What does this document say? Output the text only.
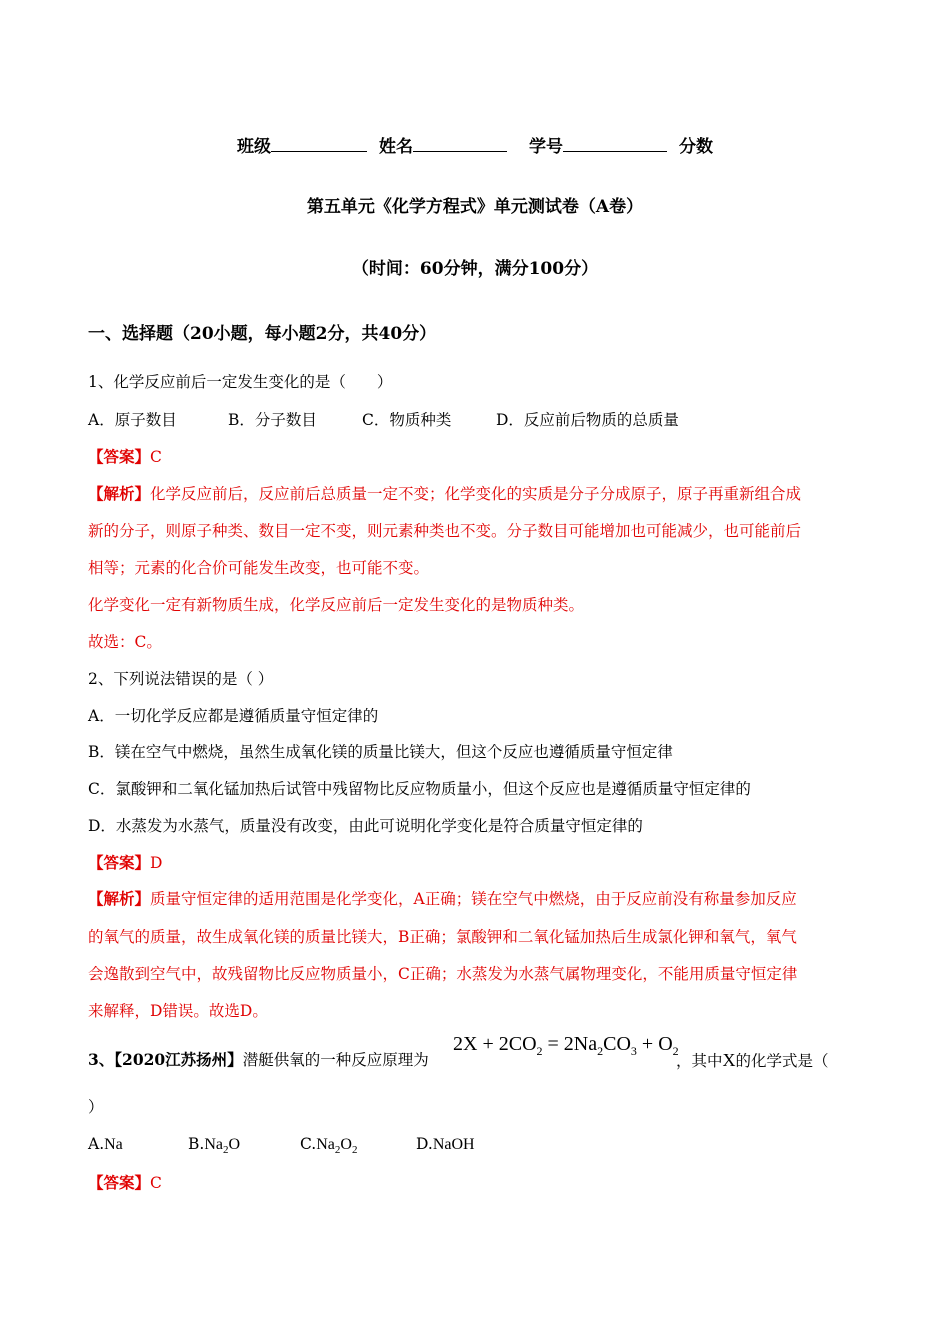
班级	姓名	学号	分数
第五单元《化学方程式》单元测试卷（A卷）
（时间：60分钟，满分100分）
一、选择题（20小题，每小题2分，共40分）
1、化学反应前后一定发生变化的是（　　）
A．原子数目	B．分子数目	C．物质种类	D．反应前后物质的总质量
【答案】C
【解析】化学反应前后，反应前后总质量一定不变；化学变化的实质是分子分成原子，原子再重新组合成
新的分子，则原子种类、数目一定不变，则元素种类也不变。分子数目可能增加也可能减少，也可能前后
相等；元素的化合价可能发生改变，也可能不变。
化学变化一定有新物质生成，化学反应前后一定发生变化的是物质种类。
故选：C。
2、下列说法错误的是（ ）
A．一切化学反应都是遵循质量守恒定律的
B．镁在空气中燃烧，虽然生成氧化镁的质量比镁大，但这个反应也遵循质量守恒定律
C．氯酸钾和二氧化锰加热后试管中残留物比反应物质量小，但这个反应也是遵循质量守恒定律的
D．水蒸发为水蒸气，质量没有改变，由此可说明化学变化是符合质量守恒定律的
【答案】D
【解析】质量守恒定律的适用范围是化学变化，A正确；镁在空气中燃烧，由于反应前没有称量参加反应
的氧气的质量，故生成氧化镁的质量比镁大，B正确；氯酸钾和二氧化锰加热后生成氯化钾和氧气，氧气
会逸散到空气中，故残留物比反应物质量小，C正确；水蒸发为水蒸气属物理变化，不能用质量守恒定律
来解释，D错误。故选D。
3、【2020江苏扬州】潜艇供氧的一种反应原理为
$2X + 2CO_2 = 2Na_2CO_3 + O_2$
，其中X的化学式是（
）
A.Na	$B.Na_2O$	$C.Na_2O_2$	D.NaOH
【答案】C
